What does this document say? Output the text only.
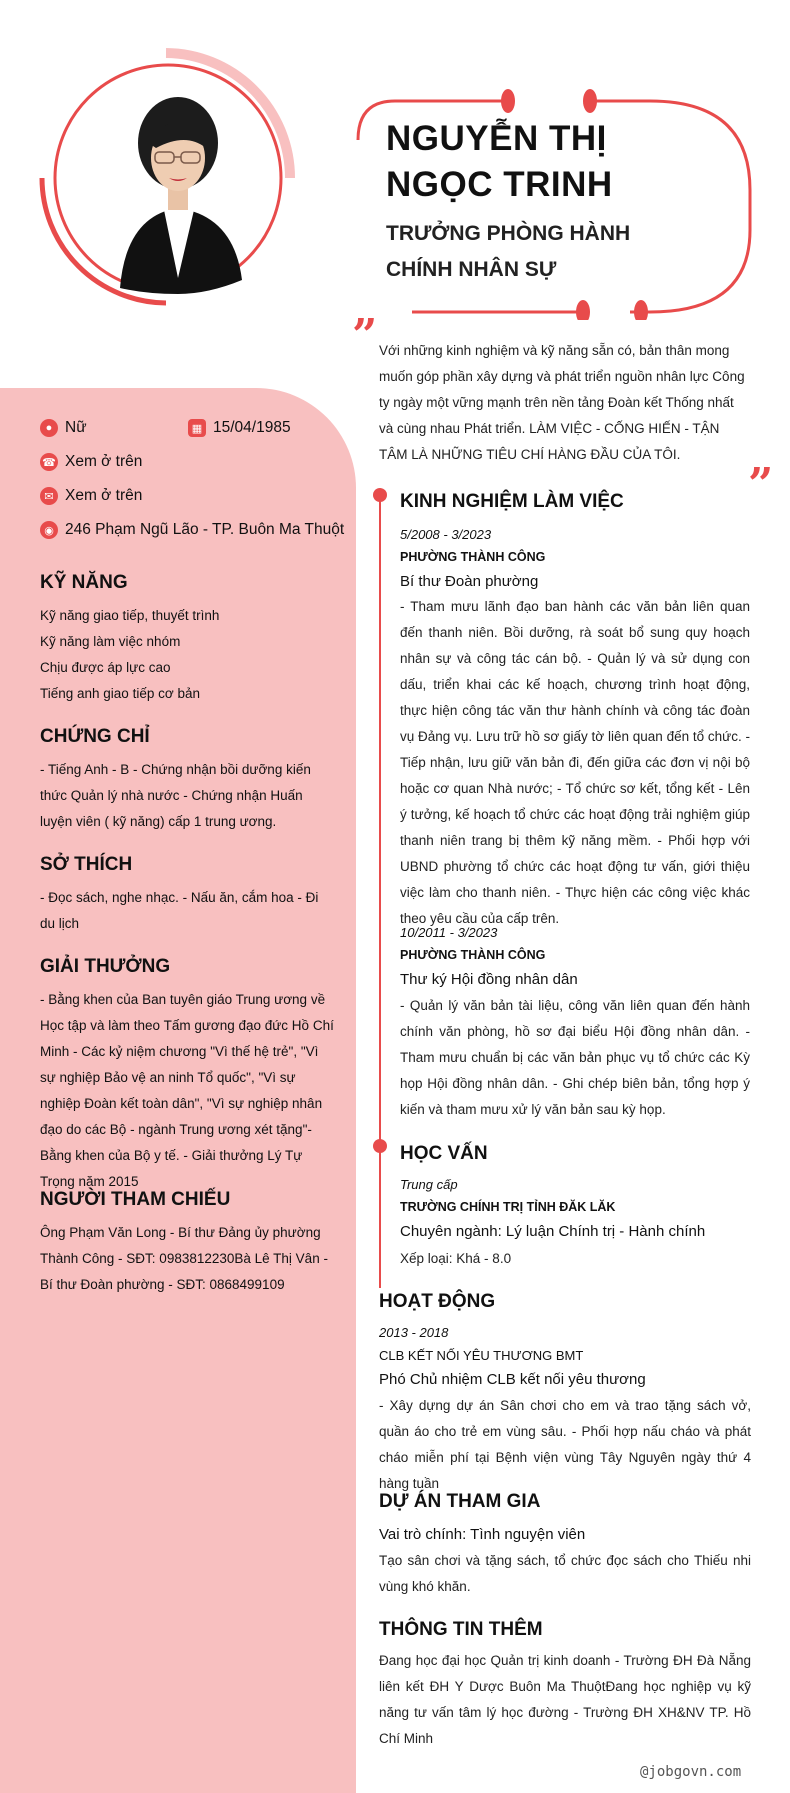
NGUYỄN THỊ NGỌC TRINH
TRƯỞNG PHÒNG HÀNH CHÍNH NHÂN SỰ
” Với những kinh nghiệm và kỹ năng sẵn có, bản thân mong muốn góp phần xây dựng và phát triển nguồn nhân lực Công ty ngày một vững mạnh trên nền tảng Đoàn kết Thống nhất và cùng nhau Phát triển. LÀM VIỆC - CỐNG HIẾN - TẬN TÂM LÀ NHỮNG TIÊU CHÍ HÀNG ĐẦU CỦA TÔI.
”
● Nữ	▦ 15/04/1985
☎ Xem ở trên
✉ Xem ở trên
◉ 246 Phạm Ngũ Lão - TP. Buôn Ma Thuột
KỸ NĂNG
Kỹ năng giao tiếp, thuyết trình
Kỹ năng làm việc nhóm
Chịu được áp lực cao
Tiếng anh giao tiếp cơ bản
CHỨNG CHỈ
- Tiếng Anh - B - Chứng nhận bồi dưỡng kiến thức Quản lý nhà nước - Chứng nhận Huấn luyện viên ( kỹ năng) cấp 1 trung ương.
SỞ THÍCH
- Đọc sách, nghe nhạc. - Nấu ăn, cắm hoa - Đi du lịch
GIẢI THƯỞNG
- Bằng khen của Ban tuyên giáo Trung ương về Học tập và làm theo Tấm gương đạo đức Hồ Chí Minh - Các kỷ niệm chương "Vì thế hệ trẻ", "Vì sự nghiệp Bảo vệ an ninh Tổ quốc", "Vì sự nghiệp Đoàn kết toàn dân", "Vì sự nghiệp nhân đạo do các Bộ - ngành Trung ương xét tặng"- Bằng khen của Bộ y tế. - Giải thưởng Lý Tự Trọng năm 2015
NGƯỜI THAM CHIẾU
Ông Phạm Văn Long - Bí thư Đảng ủy phường Thành Công - SĐT: 0983812230Bà Lê Thị Vân - Bí thư Đoàn phường - SĐT: 0868499109
KINH NGHIỆM LÀM VIỆC
5/2008 - 3/2023
PHƯỜNG THÀNH CÔNG
Bí thư Đoàn phường
- Tham mưu lãnh đạo ban hành các văn bản liên quan đến thanh niên. Bồi dưỡng, rà soát bổ sung quy hoạch nhân sự và công tác cán bộ. - Quản lý và sử dụng con dấu, triển khai các kế hoạch, chương trình hoạt động, thực hiện công tác văn thư hành chính và công tác đoàn vụ Đảng vụ. Lưu trữ hồ sơ giấy tờ liên quan đến tổ chức. - Tiếp nhận, lưu giữ văn bản đi, đến giữa các đơn vị nội bộ hoặc cơ quan Nhà nước; - Tổ chức sơ kết, tổng kết - Lên ý tưởng, kế hoạch tổ chức các hoạt động trải nghiệm giúp thanh niên trang bị thêm kỹ năng mềm. - Phối hợp với UBND phường tổ chức các hoạt động tư vấn, giới thiệu việc làm cho thanh niên. - Thực hiện các công việc khác theo yêu cầu của cấp trên.
10/2011 - 3/2023
PHƯỜNG THÀNH CÔNG
Thư ký Hội đồng nhân dân
- Quản lý văn bản tài liệu, công văn liên quan đến hành chính văn phòng, hồ sơ đại biểu Hội đồng nhân dân. - Tham mưu chuẩn bị các văn bản phục vụ tổ chức các Kỳ họp Hội đồng nhân dân. - Ghi chép biên bản, tổng hợp ý kiến và tham mưu xử lý văn bản sau kỳ họp.
HỌC VẤN
Trung cấp
TRƯỜNG CHÍNH TRỊ TỈNH ĐĂK LĂK
Chuyên ngành: Lý luận Chính trị - Hành chính
Xếp loại: Khá - 8.0
HOẠT ĐỘNG
2013 - 2018
CLB KẾT NỐI YÊU THƯƠNG BMT
Phó Chủ nhiệm CLB kết nối yêu thương
- Xây dựng dự án Sân chơi cho em và trao tặng sách vở, quần áo cho trẻ em vùng sâu. - Phối hợp nấu cháo và phát cháo miễn phí tại Bệnh viện vùng Tây Nguyên ngày thứ 4 hàng tuần
DỰ ÁN THAM GIA
Vai trò chính: Tình nguyện viên
Tạo sân chơi và tặng sách, tổ chức đọc sách cho Thiếu nhi vùng khó khăn.
THÔNG TIN THÊM
Đang học đại học Quản trị kinh doanh - Trường ĐH Đà Nẵng liên kết ĐH Y Dược Buôn Ma ThuộtĐang học nghiệp vụ kỹ năng tư vấn tâm lý học đường - Trường ĐH XH&NV TP. Hồ Chí Minh
@jobgovn.com
